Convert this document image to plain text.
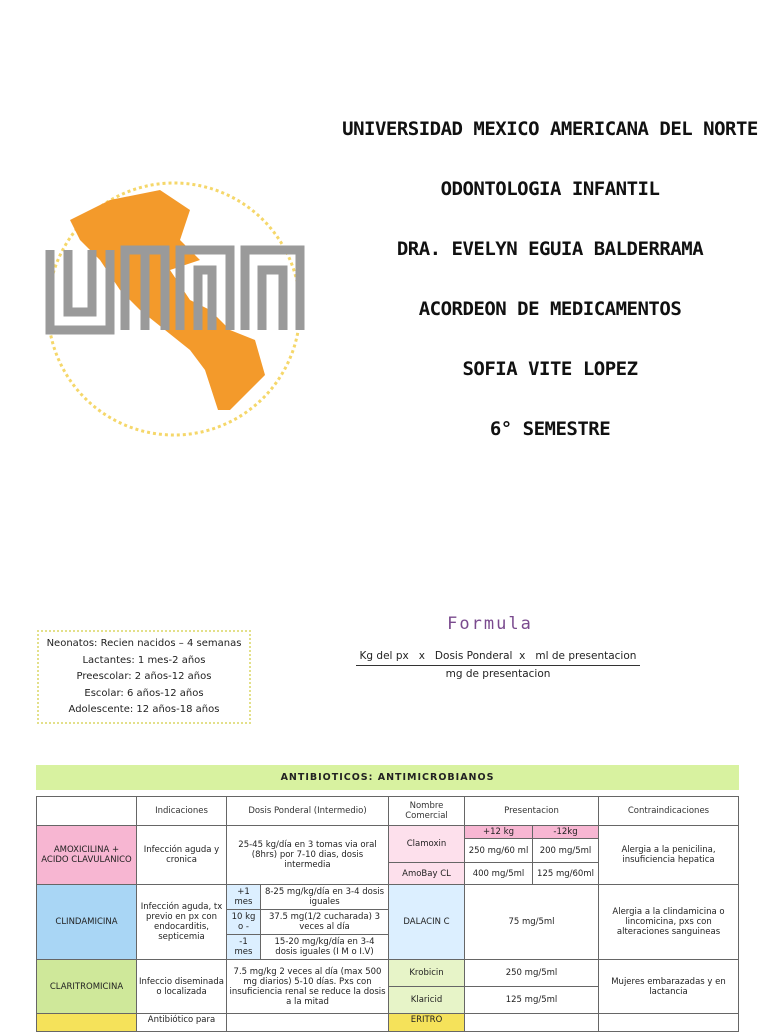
UNIVERSIDAD MEXICO AMERICANA DEL NORTE
ODONTOLOGIA INFANTIL
DRA. EVELYN EGUIA BALDERRAMA
ACORDEON DE MEDICAMENTOS
SOFIA VITE LOPEZ
6° SEMESTRE
Neonatos: Recien nacidos – 4 semanas
Lactantes: 1 mes-2 años
Preescolar: 2 años-12 años
Escolar: 6 años-12 años
Adolescente: 12 años-18 años
Formula
Kg del px   x   Dosis Ponderal  x   ml de presentacion
mg de presentacion
ANTIBIOTICOS: ANTIMICROBIANOS
	Indicaciones	Dosis Ponderal (Intermedio)		Nombre Comercial	Presentacion		Contraindicaciones
AMOXICILINA + ACIDO CLAVULANICO	Infección aguda y cronica	25-45 kg/día en 3 tomas via oral (8hrs) por 7-10 dias, dosis intermedia		Clamoxin	+12 kg	-12kg	Alergia a la penicilina, insuficiencia hepatica
					250 mg/60 ml	200 mg/5ml	
				AmoBay CL	400 mg/5ml	125 mg/60ml	
CLINDAMICINA	Infección aguda, tx previo en px con endocarditis, septicemia	+1 mes	8-25 mg/kg/día en 3-4 dosis iguales	DALACIN C	75 mg/5ml		Alergia a la clindamicina o lincomicina, pxs con alteraciones sanguineas
		10 kg o -	37.5 mg(1/2 cucharada) 3 veces al día				
		-1 mes	15-20 mg/kg/día en 3-4 dosis iguales (I M o I.V)				
CLARITROMICINA	Infeccio diseminada o localizada	7.5 mg/kg 2 veces al día (max 500 mg diarios) 5-10 días. Pxs con insuficiencia renal se reduce la dosis a la mitad		Krobicin	250 mg/5ml		Mujeres embarazadas y en lactancia
				Klaricid	125 mg/5ml		
	Antibiótico para			ERITRO			
